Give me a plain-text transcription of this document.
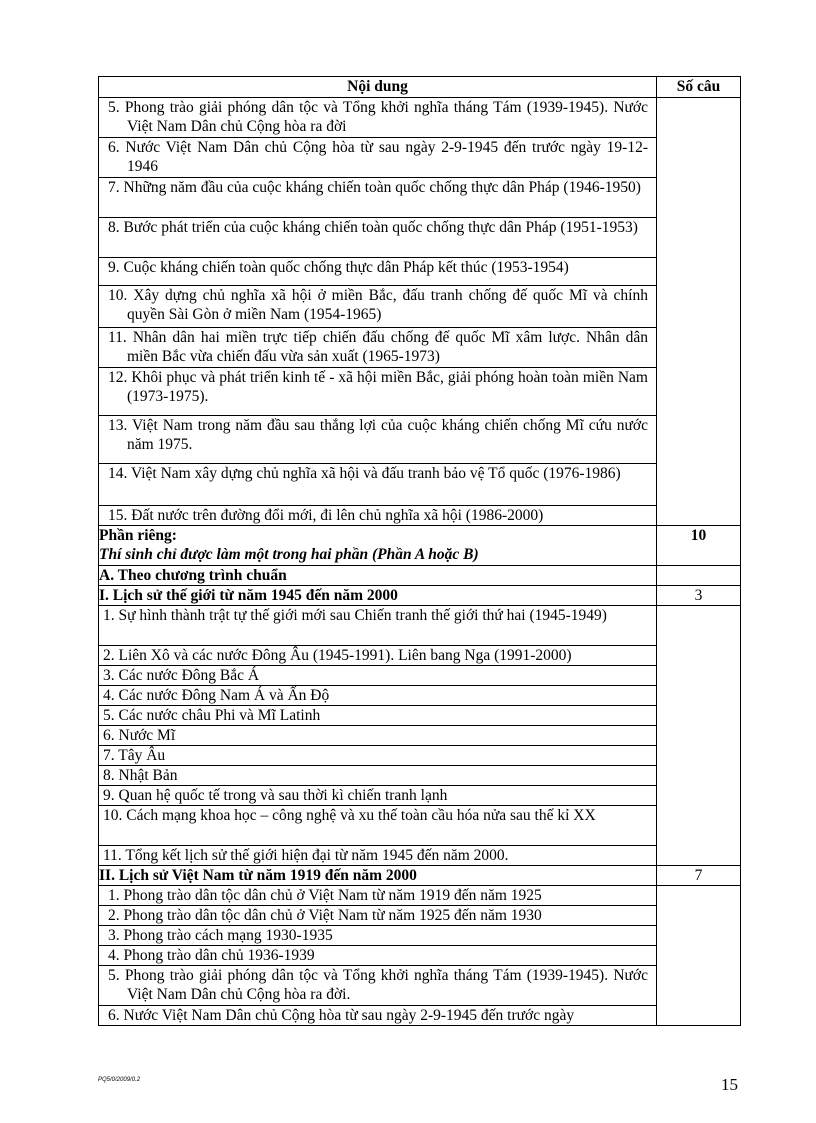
Nội dung	Số câu

5. Phong trào giải phóng dân tộc và Tổng khởi nghĩa tháng Tám (1939-1945). Nước Việt Nam Dân chủ Cộng hòa ra đời	

6. Nước Việt Nam Dân chủ Cộng hòa từ sau ngày 2-9-1945 đến trước ngày 19-12-1946	

7. Những năm đầu của cuộc kháng chiến toàn quốc chống thực dân Pháp (1946-1950)	

8. Bước phát triển của cuộc kháng chiến toàn quốc chống thực dân Pháp (1951-1953)	

9. Cuộc kháng chiến toàn quốc chống thực dân Pháp kết thúc (1953-1954)	

10. Xây dựng chủ nghĩa xã hội ở miền Bắc, đấu tranh chống đế quốc Mĩ và chính quyền Sài Gòn ở miền Nam (1954-1965)	

11. Nhân dân hai miền trực tiếp chiến đấu chống đế quốc Mĩ xâm lược. Nhân dân miền Bắc vừa chiến đấu vừa sản xuất (1965-1973)	

12. Khôi phục và phát triển kinh tế - xã hội miền Bắc, giải phóng hoàn toàn miền Nam (1973-1975).	

13. Việt Nam trong năm đầu sau thắng lợi của cuộc kháng chiến chống Mĩ cứu nước năm 1975.	

14. Việt Nam xây dựng chủ nghĩa xã hội và đấu tranh bảo vệ Tổ quốc (1976-1986)	

15. Đất nước trên đường đổi mới, đi lên chủ nghĩa xã hội (1986-2000)	

Phần riêng:
Thí sinh chỉ được làm một trong hai phần (Phần A hoặc B)	10
A. Theo chương trình chuẩn	
I. Lịch sử thế giới từ năm 1945 đến năm 2000	3

1. Sự hình thành trật tự thế giới mới sau Chiến tranh thế giới thứ hai (1945-1949)	

2. Liên Xô và các nước Đông Âu (1945-1991). Liên bang Nga (1991-2000)	

3. Các nước Đông Bắc Á	

4. Các nước Đông Nam Á và Ấn Độ	

5. Các nước châu Phi và Mĩ Latinh	

6. Nước Mĩ	

7. Tây Âu	

8. Nhật Bản	

9. Quan hệ quốc tế trong và sau thời kì chiến tranh lạnh	

10. Cách mạng khoa học – công nghệ và xu thế toàn cầu hóa nửa sau thế kỉ XX	

11. Tổng kết lịch sử thế giới hiện đại từ năm 1945 đến năm 2000.	

II. Lịch sử Việt Nam từ năm 1919 đến năm 2000	7

1. Phong trào dân tộc dân chủ ở Việt Nam từ năm 1919 đến năm 1925	

2. Phong trào dân tộc dân chủ ở Việt Nam từ năm 1925 đến năm 1930	

3. Phong trào cách mạng 1930-1935	

4. Phong trào dân chủ 1936-1939	

5. Phong trào giải phóng dân tộc và Tổng khởi nghĩa tháng Tám (1939-1945). Nước Việt Nam Dân chủ Cộng hòa ra đời.	

6. Nước Việt Nam Dân chủ Cộng hòa từ sau ngày 2-9-1945 đến trước ngày	
PQ5/0/2009/0.2	15
